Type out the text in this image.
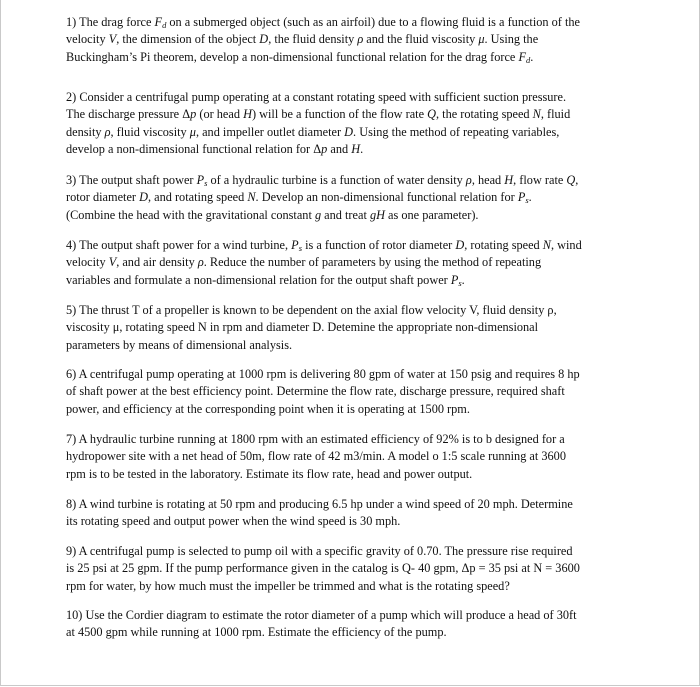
1) The drag force $F_d$ on a submerged object (such as an airfoil) due to a flowing fluid is a function of the
velocity V, the dimension of the object D, the fluid density ρ and the fluid viscosity μ. Using the
Buckingham’s Pi theorem, develop a non-dimensional functional relation for the drag force $F_d$.

2) Consider a centrifugal pump operating at a constant rotating speed with sufficient suction pressure.
The discharge pressure Δp (or head H) will be a function of the flow rate Q, the rotating speed N, fluid
density ρ, fluid viscosity μ, and impeller outlet diameter D. Using the method of repeating variables,
develop a non-dimensional functional relation for Δp and H.

3) The output shaft power $P_s$ of a hydraulic turbine is a function of water density ρ, head H, flow rate Q,
rotor diameter D, and rotating speed N. Develop an non-dimensional functional relation for $P_s$.
(Combine the head with the gravitational constant g and treat gH as one parameter).

4) The output shaft power for a wind turbine, $P_s$ is a function of rotor diameter D, rotating speed N, wind
velocity V, and air density ρ. Reduce the number of parameters by using the method of repeating
variables and formulate a non-dimensional relation for the output shaft power $P_s$.

5) The thrust T of a propeller is known to be dependent on the axial flow velocity V, fluid density ρ,
viscosity μ, rotating speed N in rpm and diameter D. Detemine the appropriate non-dimensional
parameters by means of dimensional analysis.

6) A centrifugal pump operating at 1000 rpm is delivering 80 gpm of water at 150 psig and requires 8 hp
of shaft power at the best efficiency point. Determine the flow rate, discharge pressure, required shaft
power, and efficiency at the corresponding point when it is operating at 1500 rpm.

7) A hydraulic turbine running at 1800 rpm with an estimated efficiency of 92% is to b designed for a
hydropower site with a net head of 50m, flow rate of 42 m3/min. A model o 1:5 scale running at 3600
rpm is to be tested in the laboratory. Estimate its flow rate, head and power output.

8) A wind turbine is rotating at 50 rpm and producing 6.5 hp under a wind speed of 20 mph. Determine
its rotating speed and output power when the wind speed is 30 mph.

9) A centrifugal pump is selected to pump oil with a specific gravity of 0.70. The pressure rise required
is 25 psi at 25 gpm. If the pump performance given in the catalog is Q- 40 gpm, Δp = 35 psi at N = 3600
rpm for water, by how much must the impeller be trimmed and what is the rotating speed?

10) Use the Cordier diagram to estimate the rotor diameter of a pump which will produce a head of 30ft
at 4500 gpm while running at 1000 rpm. Estimate the efficiency of the pump.
